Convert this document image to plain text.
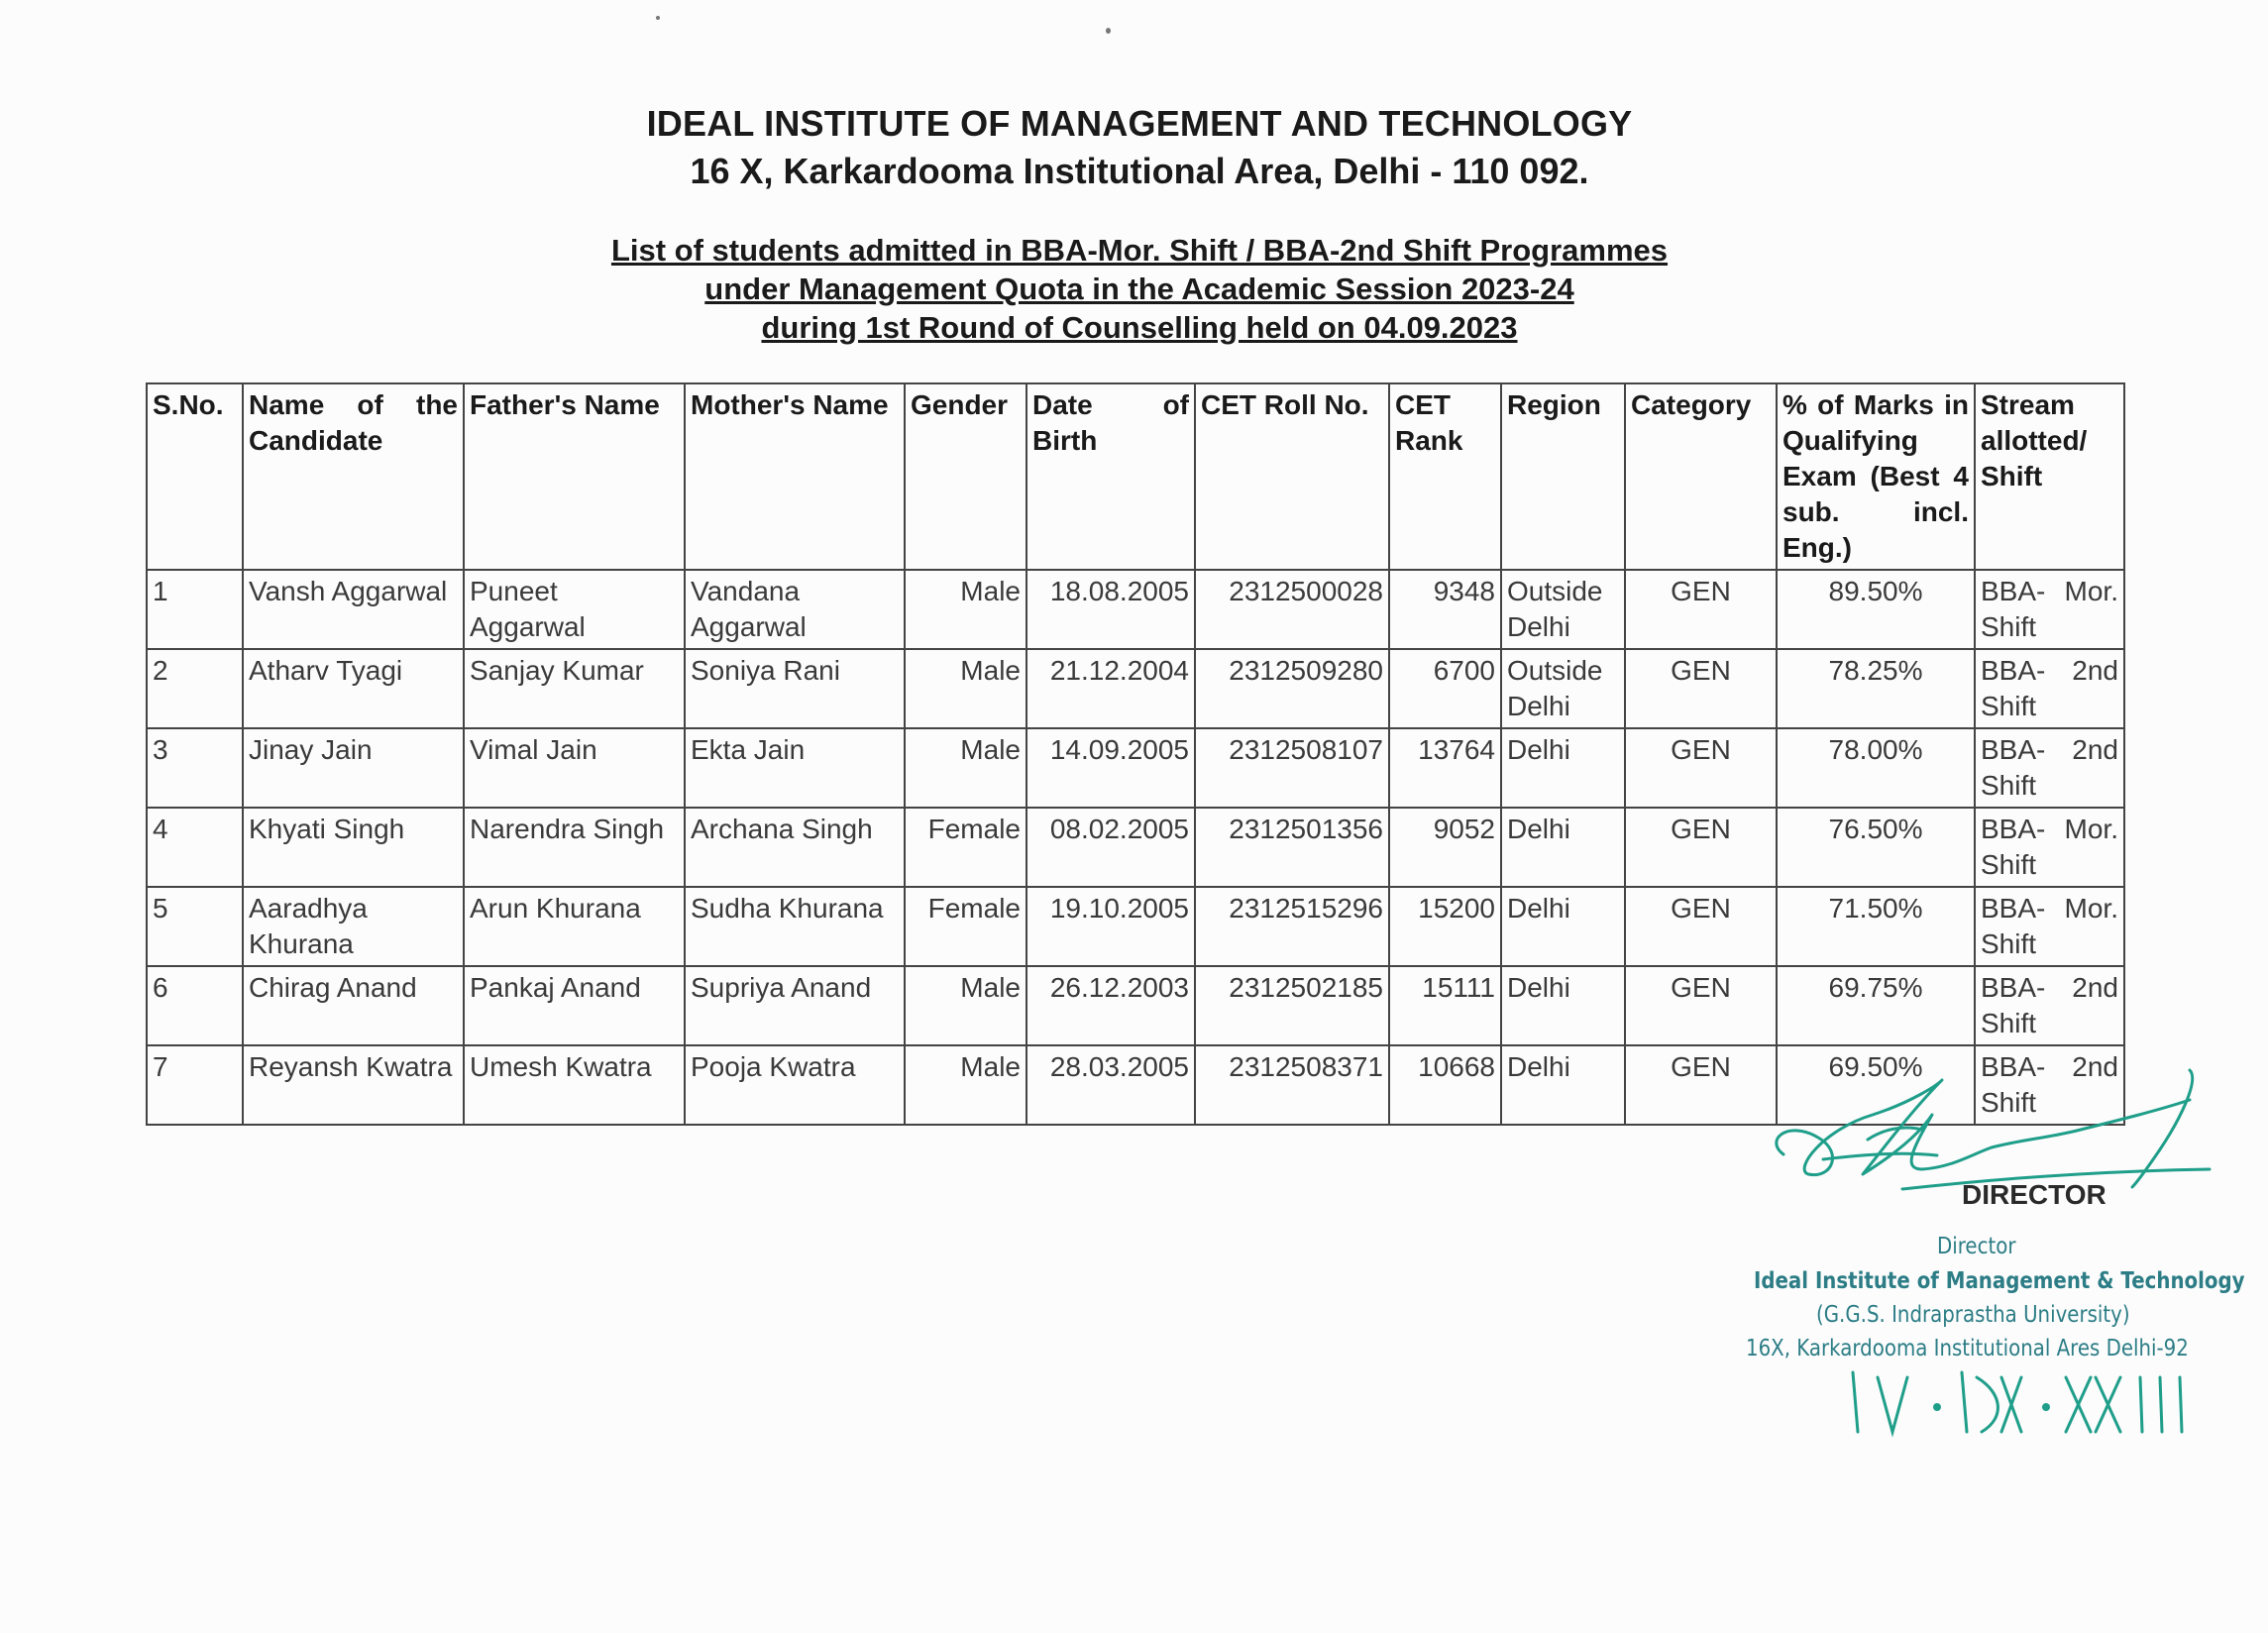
IDEAL INSTITUTE OF MANAGEMENT AND TECHNOLOGY
16 X, Karkardooma Institutional Area, Delhi - 110 092.
List of students admitted in BBA-Mor. Shift / BBA-2nd Shift Programmes
under Management Quota in the Academic Session 2023-24
during 1st Round of Counselling held on 04.09.2023
S.No.	Name of the Candidate	Father's Name	Mother's Name	Gender	Date of Birth	CET Roll No.	CET Rank	Region	Category	% of Marks in Qualifying Exam (Best 4 sub. incl. Eng.)	Stream allotted/ Shift
1	Vansh Aggarwal	Puneet Aggarwal	Vandana Aggarwal	Male	18.08.2005	2312500028	9348	Outside Delhi	GEN	89.50%	BBA- Mor. Shift
2	Atharv Tyagi	Sanjay Kumar	Soniya Rani	Male	21.12.2004	2312509280	6700	Outside Delhi	GEN	78.25%	BBA- 2nd Shift
3	Jinay Jain	Vimal Jain	Ekta Jain	Male	14.09.2005	2312508107	13764	Delhi	GEN	78.00%	BBA- 2nd Shift
4	Khyati Singh	Narendra Singh	Archana Singh	Female	08.02.2005	2312501356	9052	Delhi	GEN	76.50%	BBA- Mor. Shift
5	Aaradhya Khurana	Arun Khurana	Sudha Khurana	Female	19.10.2005	2312515296	15200	Delhi	GEN	71.50%	BBA- Mor. Shift
6	Chirag Anand	Pankaj Anand	Supriya Anand	Male	26.12.2003	2312502185	15111	Delhi	GEN	69.75%	BBA- 2nd Shift
7	Reyansh Kwatra	Umesh Kwatra	Pooja Kwatra	Male	28.03.2005	2312508371	10668	Delhi	GEN	69.50%	BBA- 2nd Shift
DIRECTOR
Director
Ideal Institute of Management & Technology
(G.G.S. Indraprastha University)
16X, Karkardooma Institutional Ares Delhi-92
